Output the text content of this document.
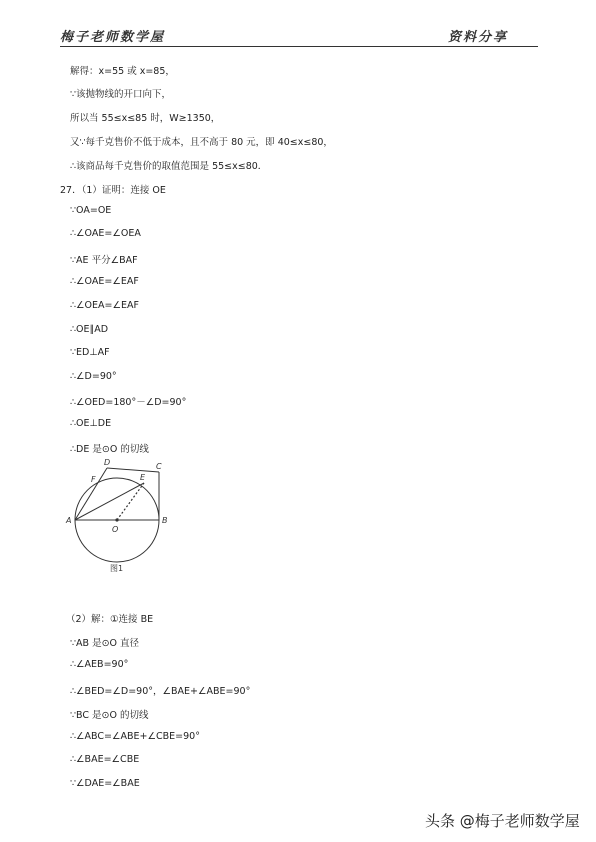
梅子老师数学屋	资料分享
解得：x=55 或 x=85，
∵该抛物线的开口向下，
所以当 55≤x≤85 时，W≥1350，
又∵每千克售价不低于成本，且不高于 80 元，即 40≤x≤80，
∴该商品每千克售价的取值范围是 55≤x≤80．
27．（1）证明：连接 OE
∵OA=OE
∴∠OAE=∠OEA
∵AE 平分∠BAF
∴∠OAE=∠EAF
∴∠OEA=∠EAF
∴OE∥AD
∵ED⊥AF
∴∠D=90°
∴∠OED=180°－∠D=90°
∴OE⊥DE
∴DE 是⊙O 的切线
（2）解：①连接 BE
∵AB 是⊙O 直径
∴∠AEB=90°
∴∠BED=∠D=90°，∠BAE+∠ABE=90°
∵BC 是⊙O 的切线
∴∠ABC=∠ABE+∠CBE=90°
∴∠BAE=∠CBE
∵∠DAE=∠BAE
A	B
C
D
E
F
O
图1
头条 @梅子老师数学屋
